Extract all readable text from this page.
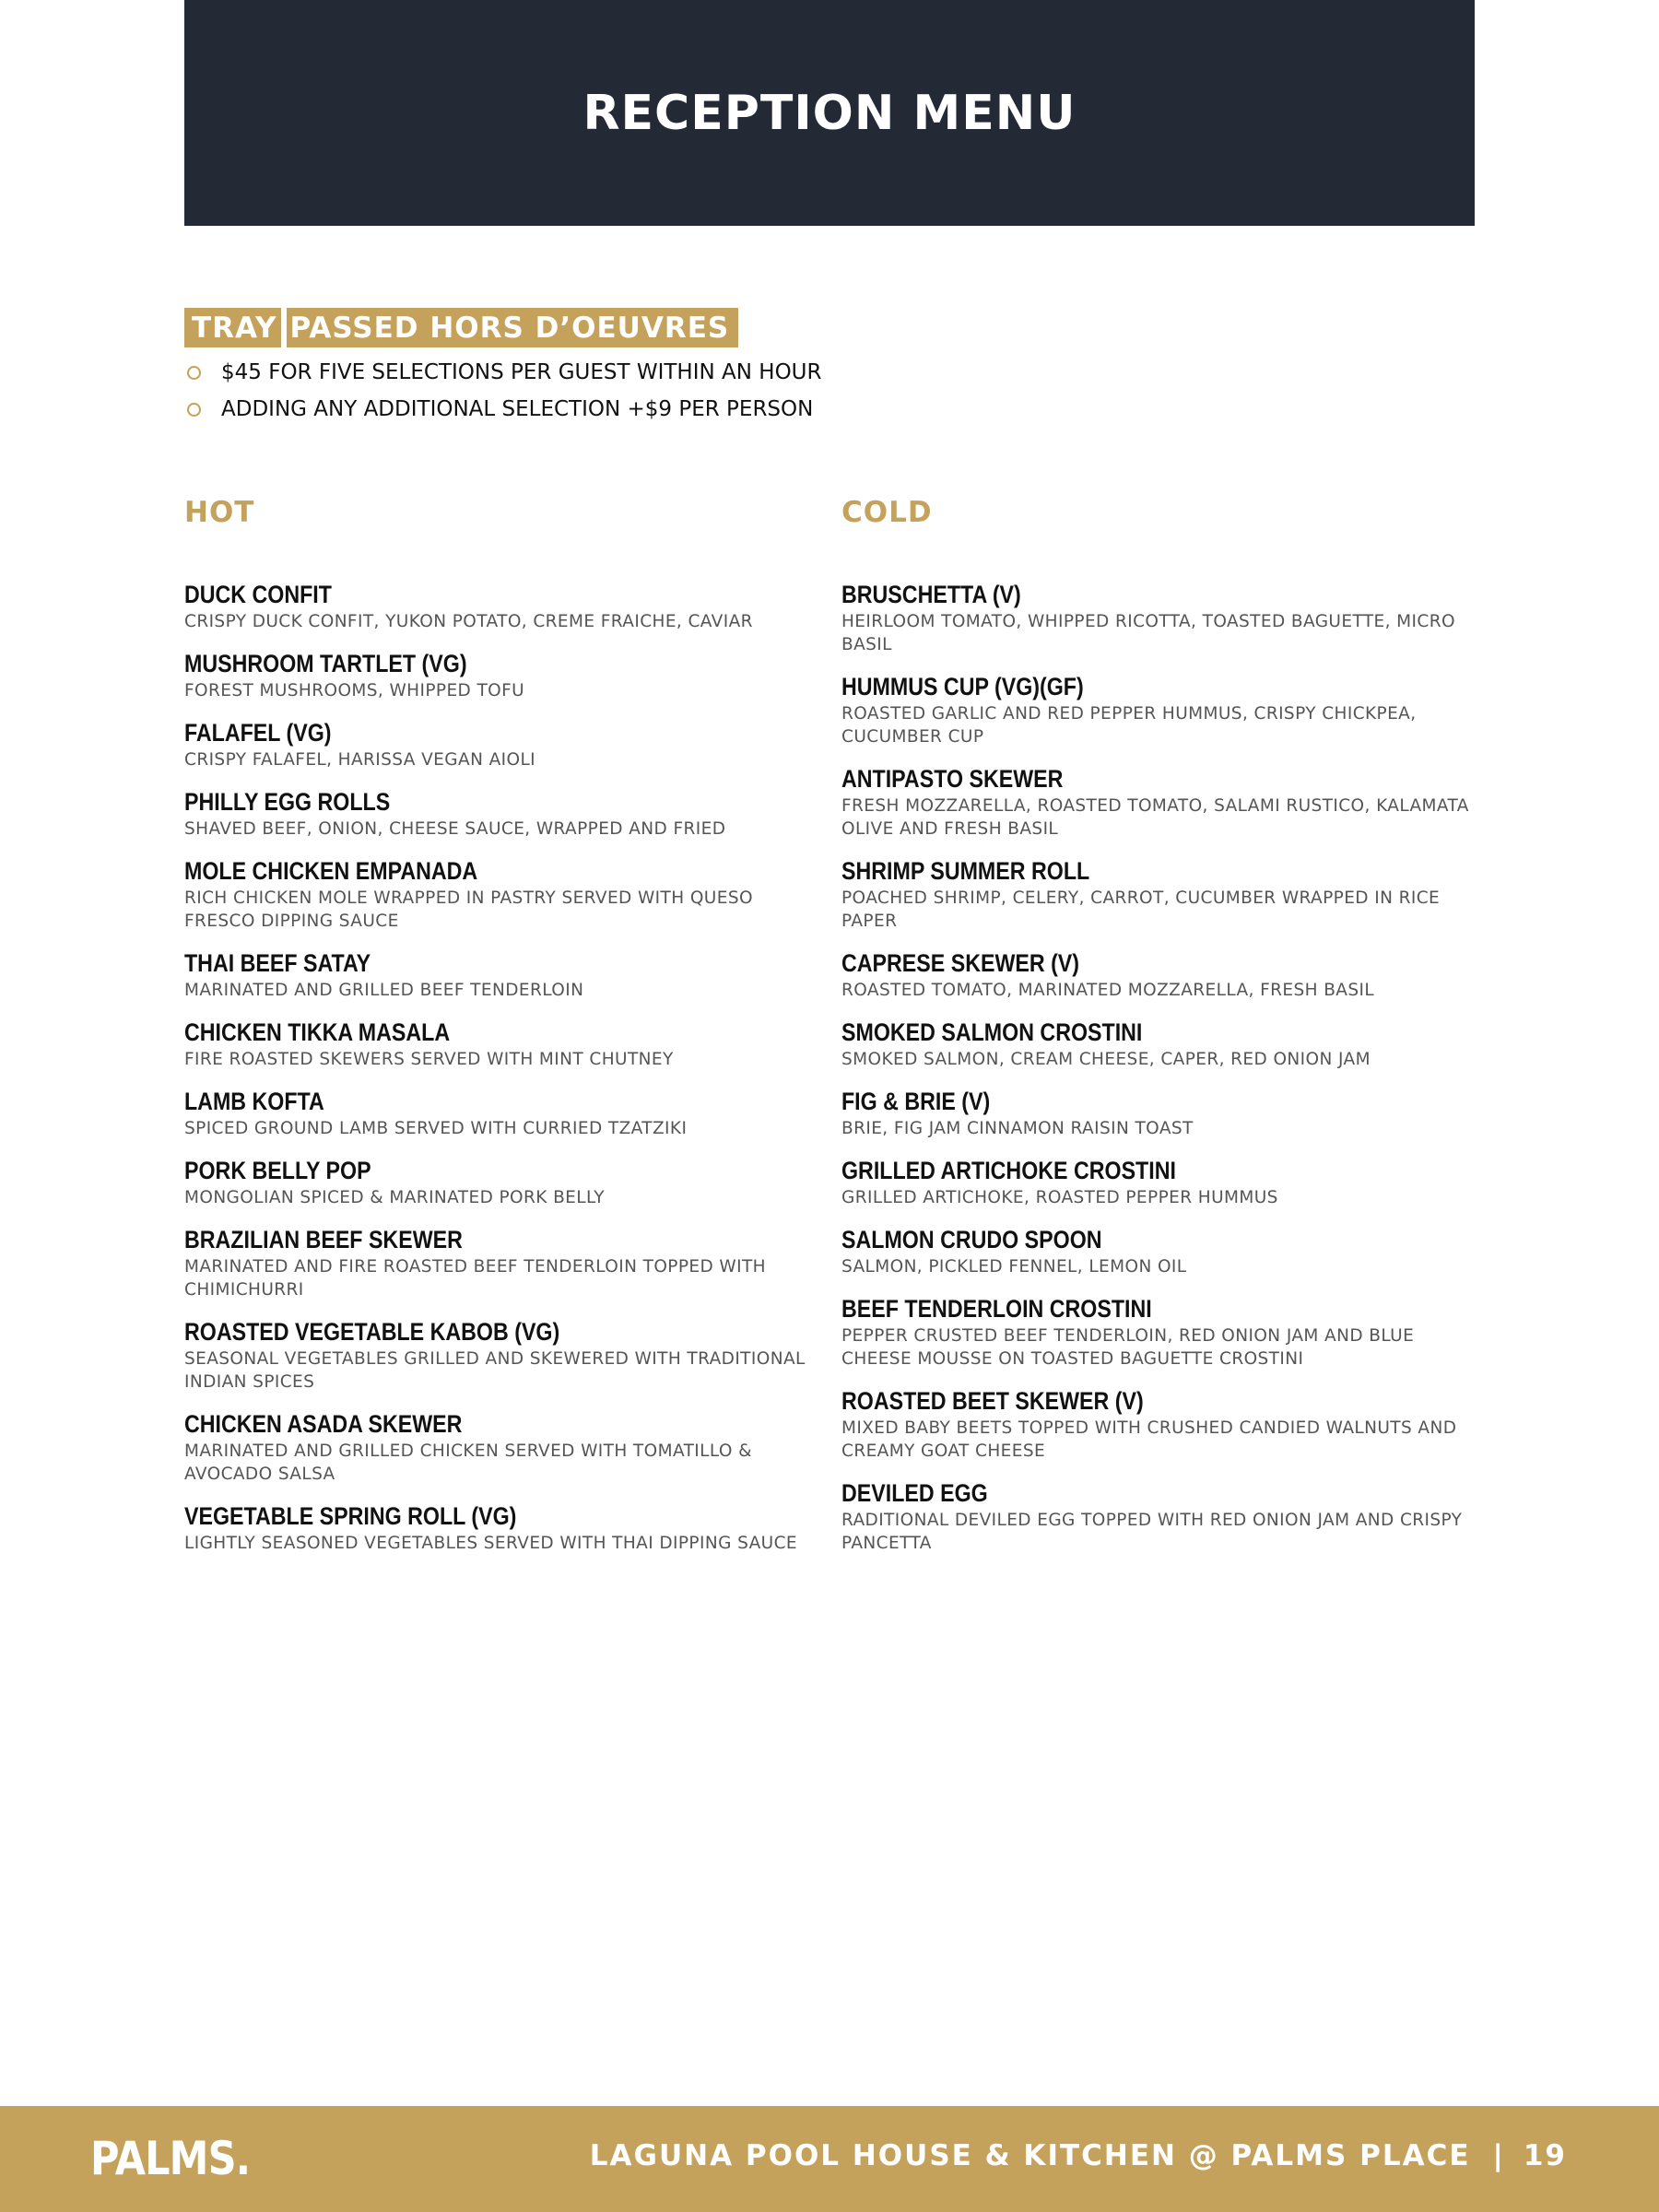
RECEPTION MENU
TRAY PASSED HORS D’OEUVRES
$45 FOR FIVE SELECTIONS PER GUEST WITHIN AN HOUR
ADDING ANY ADDITIONAL SELECTION +$9 PER PERSON
HOT
DUCK CONFIT
CRISPY DUCK CONFIT, YUKON POTATO, CREME FRAICHE, CAVIAR
MUSHROOM TARTLET (VG)
FOREST MUSHROOMS, WHIPPED TOFU
FALAFEL (VG)
CRISPY FALAFEL, HARISSA VEGAN AIOLI
PHILLY EGG ROLLS
SHAVED BEEF, ONION, CHEESE SAUCE, WRAPPED AND FRIED
MOLE CHICKEN EMPANADA
RICH CHICKEN MOLE WRAPPED IN PASTRY SERVED WITH QUESO FRESCO DIPPING SAUCE
THAI BEEF SATAY
MARINATED AND GRILLED BEEF TENDERLOIN
CHICKEN TIKKA MASALA
FIRE ROASTED SKEWERS SERVED WITH MINT CHUTNEY
LAMB KOFTA
SPICED GROUND LAMB SERVED WITH CURRIED TZATZIKI
PORK BELLY POP
MONGOLIAN SPICED & MARINATED PORK BELLY
BRAZILIAN BEEF SKEWER
MARINATED AND FIRE ROASTED BEEF TENDERLOIN TOPPED WITH CHIMICHURRI
ROASTED VEGETABLE KABOB (VG)
SEASONAL VEGETABLES GRILLED AND SKEWERED WITH TRADITIONAL INDIAN SPICES
CHICKEN ASADA SKEWER
MARINATED AND GRILLED CHICKEN SERVED WITH TOMATILLO & AVOCADO SALSA
VEGETABLE SPRING ROLL (VG)
LIGHTLY SEASONED VEGETABLES SERVED WITH THAI DIPPING SAUCE
COLD
BRUSCHETTA (V)
HEIRLOOM TOMATO, WHIPPED RICOTTA, TOASTED BAGUETTE, MICRO BASIL
HUMMUS CUP (VG)(GF)
ROASTED GARLIC AND RED PEPPER HUMMUS, CRISPY CHICKPEA, CUCUMBER CUP
ANTIPASTO SKEWER
FRESH MOZZARELLA, ROASTED TOMATO, SALAMI RUSTICO, KALAMATA OLIVE AND FRESH BASIL
SHRIMP SUMMER ROLL
POACHED SHRIMP, CELERY, CARROT, CUCUMBER WRAPPED IN RICE PAPER
CAPRESE SKEWER (V)
ROASTED TOMATO, MARINATED MOZZARELLA, FRESH BASIL
SMOKED SALMON CROSTINI
SMOKED SALMON, CREAM CHEESE, CAPER, RED ONION JAM
FIG & BRIE (V)
BRIE, FIG JAM CINNAMON RAISIN TOAST
GRILLED ARTICHOKE CROSTINI
GRILLED ARTICHOKE, ROASTED PEPPER HUMMUS
SALMON CRUDO SPOON
SALMON, PICKLED FENNEL, LEMON OIL
BEEF TENDERLOIN CROSTINI
PEPPER CRUSTED BEEF TENDERLOIN, RED ONION JAM AND BLUE CHEESE MOUSSE ON TOASTED BAGUETTE CROSTINI
ROASTED BEET SKEWER (V)
MIXED BABY BEETS TOPPED WITH CRUSHED CANDIED WALNUTS AND CREAMY GOAT CHEESE
DEVILED EGG
RADITIONAL DEVILED EGG TOPPED WITH RED ONION JAM AND CRISPY PANCETTA
PALMS.	LAGUNA POOL HOUSE & KITCHEN @ PALMS PLACE | 19
